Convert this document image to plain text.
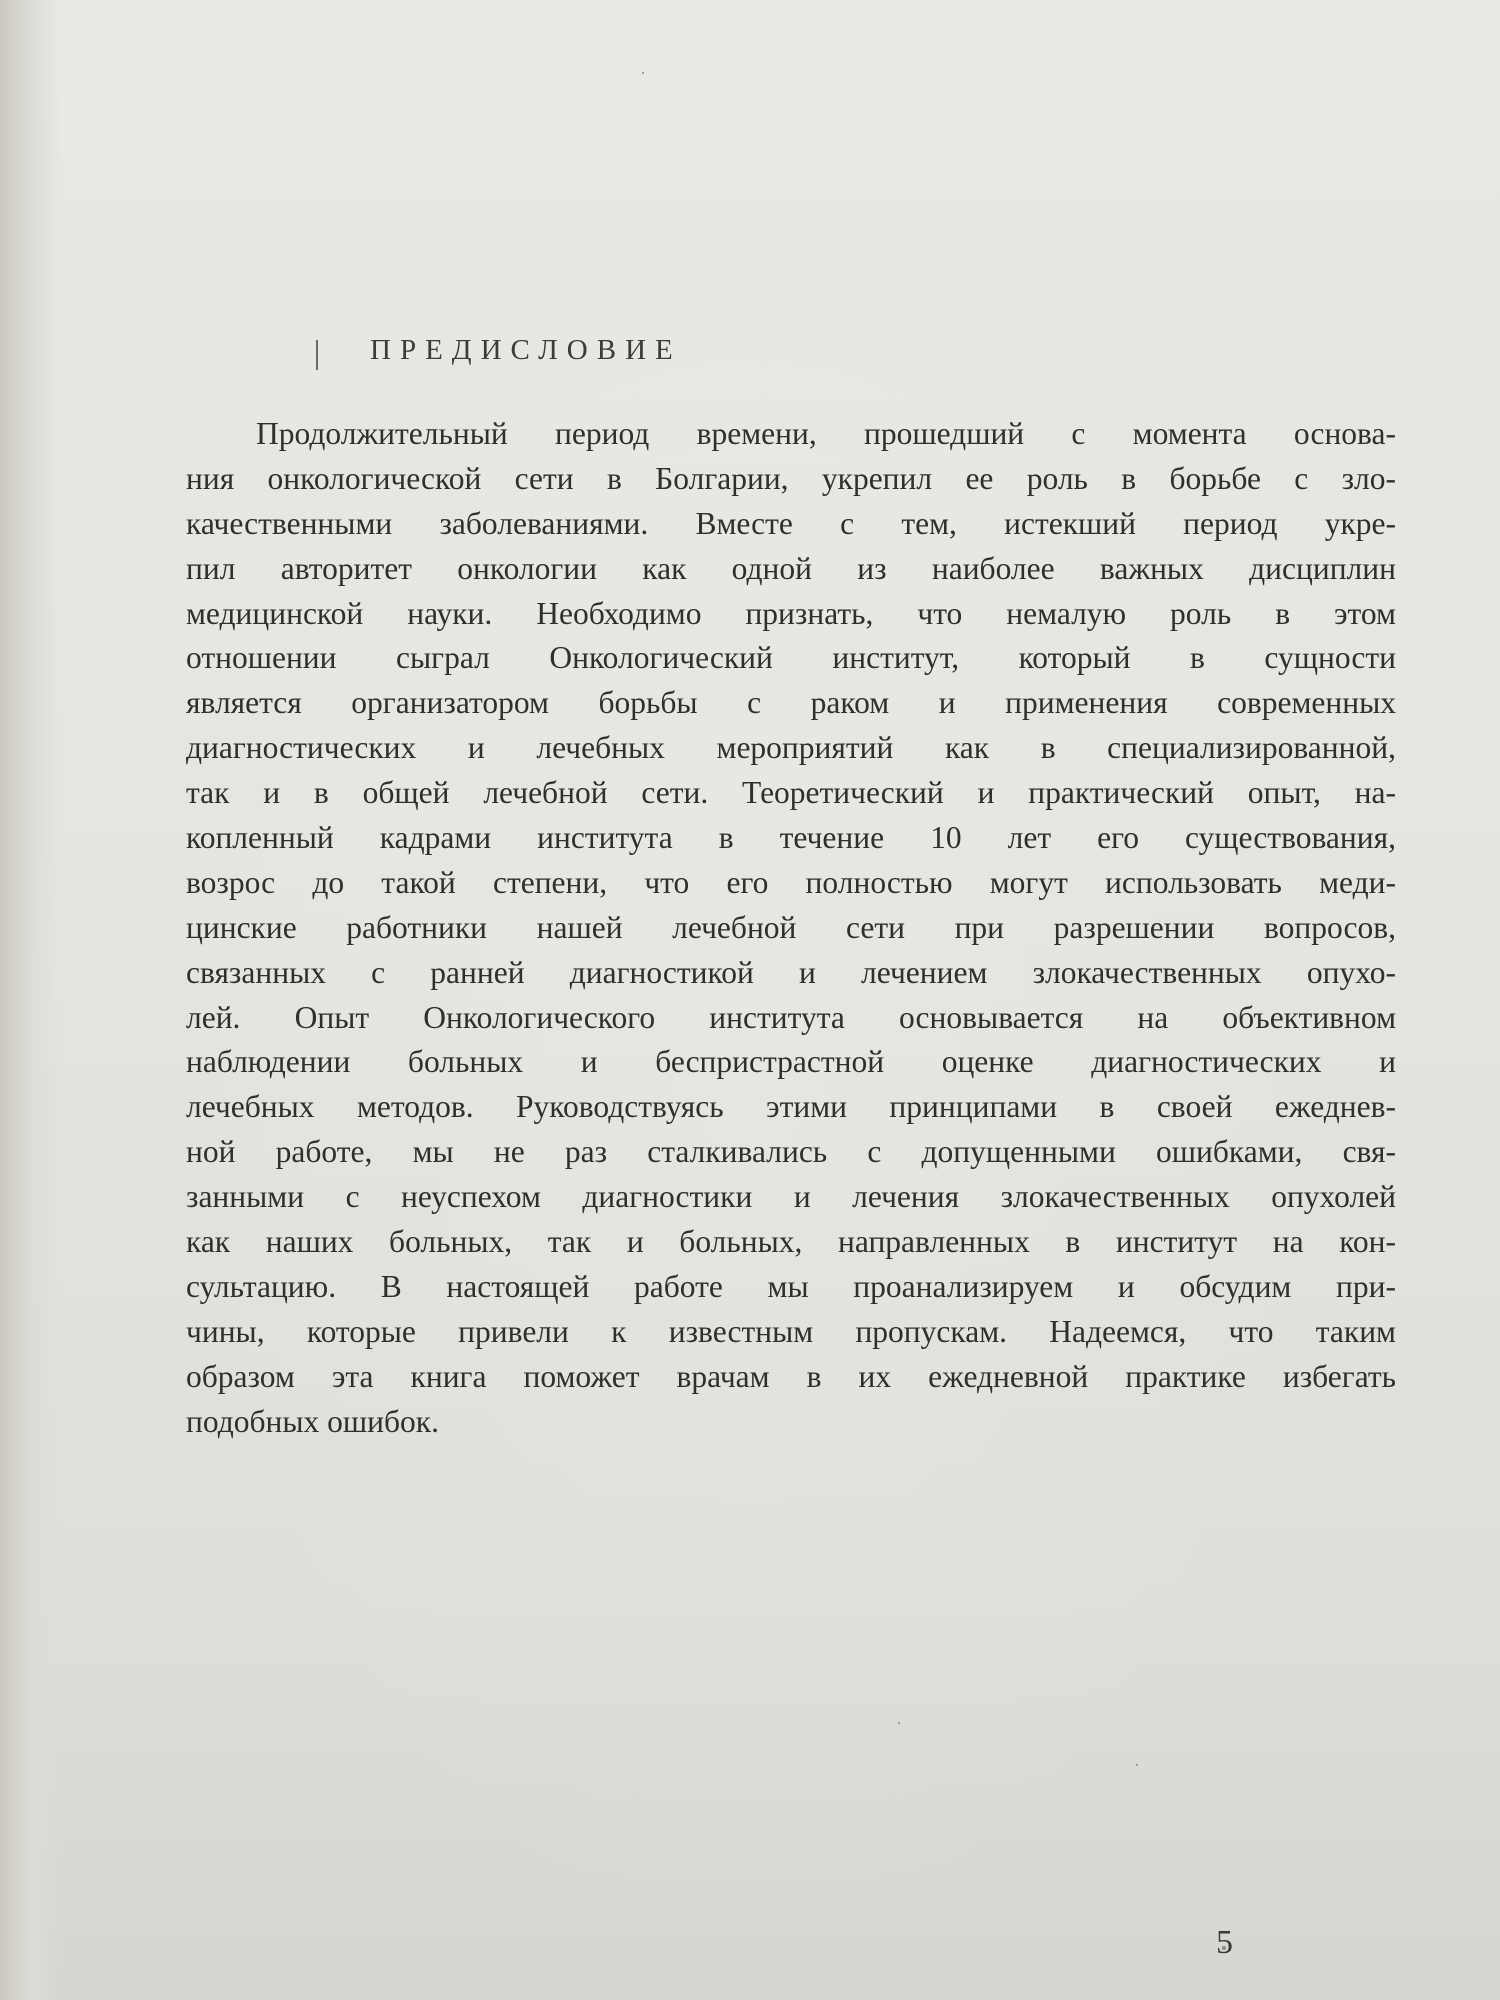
ПРЕДИСЛОВИЕ
Продолжительный период времени, прошедший с момента основа-
ния онкологической сети в Болгарии, укрепил ее роль в борьбе с зло-
качественными заболеваниями. Вместе с тем, истекший период укре-
пил авторитет онкологии как одной из наиболее важных дисциплин
медицинской науки. Необходимо признать, что немалую роль в этом
отношении сыграл Онкологический институт, который в сущности
является организатором борьбы с раком и применения современных
диагностических и лечебных мероприятий как в специализированной,
так и в общей лечебной сети. Теоретический и практический опыт, на-
копленный кадрами института в течение 10 лет его существования,
возрос до такой степени, что его полностью могут использовать меди-
цинские работники нашей лечебной сети при разрешении вопросов,
связанных с ранней диагностикой и лечением злокачественных опухо-
лей. Опыт Онкологического института основывается на объективном
наблюдении больных и беспристрастной оценке диагностических и
лечебных методов. Руководствуясь этими принципами в своей ежеднев-
ной работе, мы не раз сталкивались с допущенными ошибками, свя-
занными с неуспехом диагностики и лечения злокачественных опухолей
как наших больных, так и больных, направленных в институт на кон-
сультацию. В настоящей работе мы проанализируем и обсудим при-
чины, которые привели к известным пропускам. Надеемся, что таким
образом эта книга поможет врачам в их ежедневной практике избегать
подобных ошибок.
5
